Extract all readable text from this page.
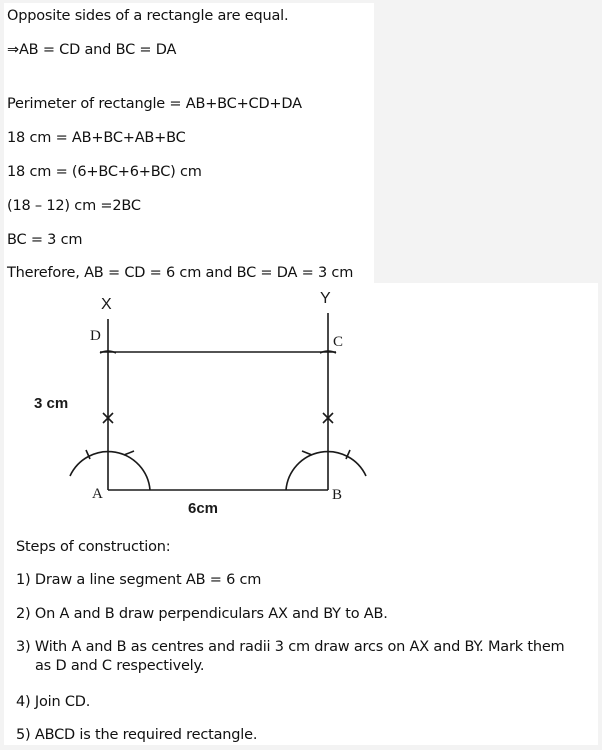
Opposite sides of a rectangle are equal.
⇒AB = CD and BC = DA
Perimeter of rectangle = AB+BC+CD+DA
18 cm = AB+BC+AB+BC
18 cm = (6+BC+6+BC) cm
(18 – 12) cm =2BC
BC = 3 cm
Therefore, AB = CD = 6 cm and BC = DA = 3 cm
X	Y
D	C
A	B
3 cm
6cm
Steps of construction:
1) Draw a line segment AB = 6 cm
2) On A and B draw perpendiculars AX and BY to AB.
3) With A and B as centres and radii 3 cm draw arcs on AX and BY. Mark them
as D and C respectively.
4) Join CD.
5) ABCD is the required rectangle.
